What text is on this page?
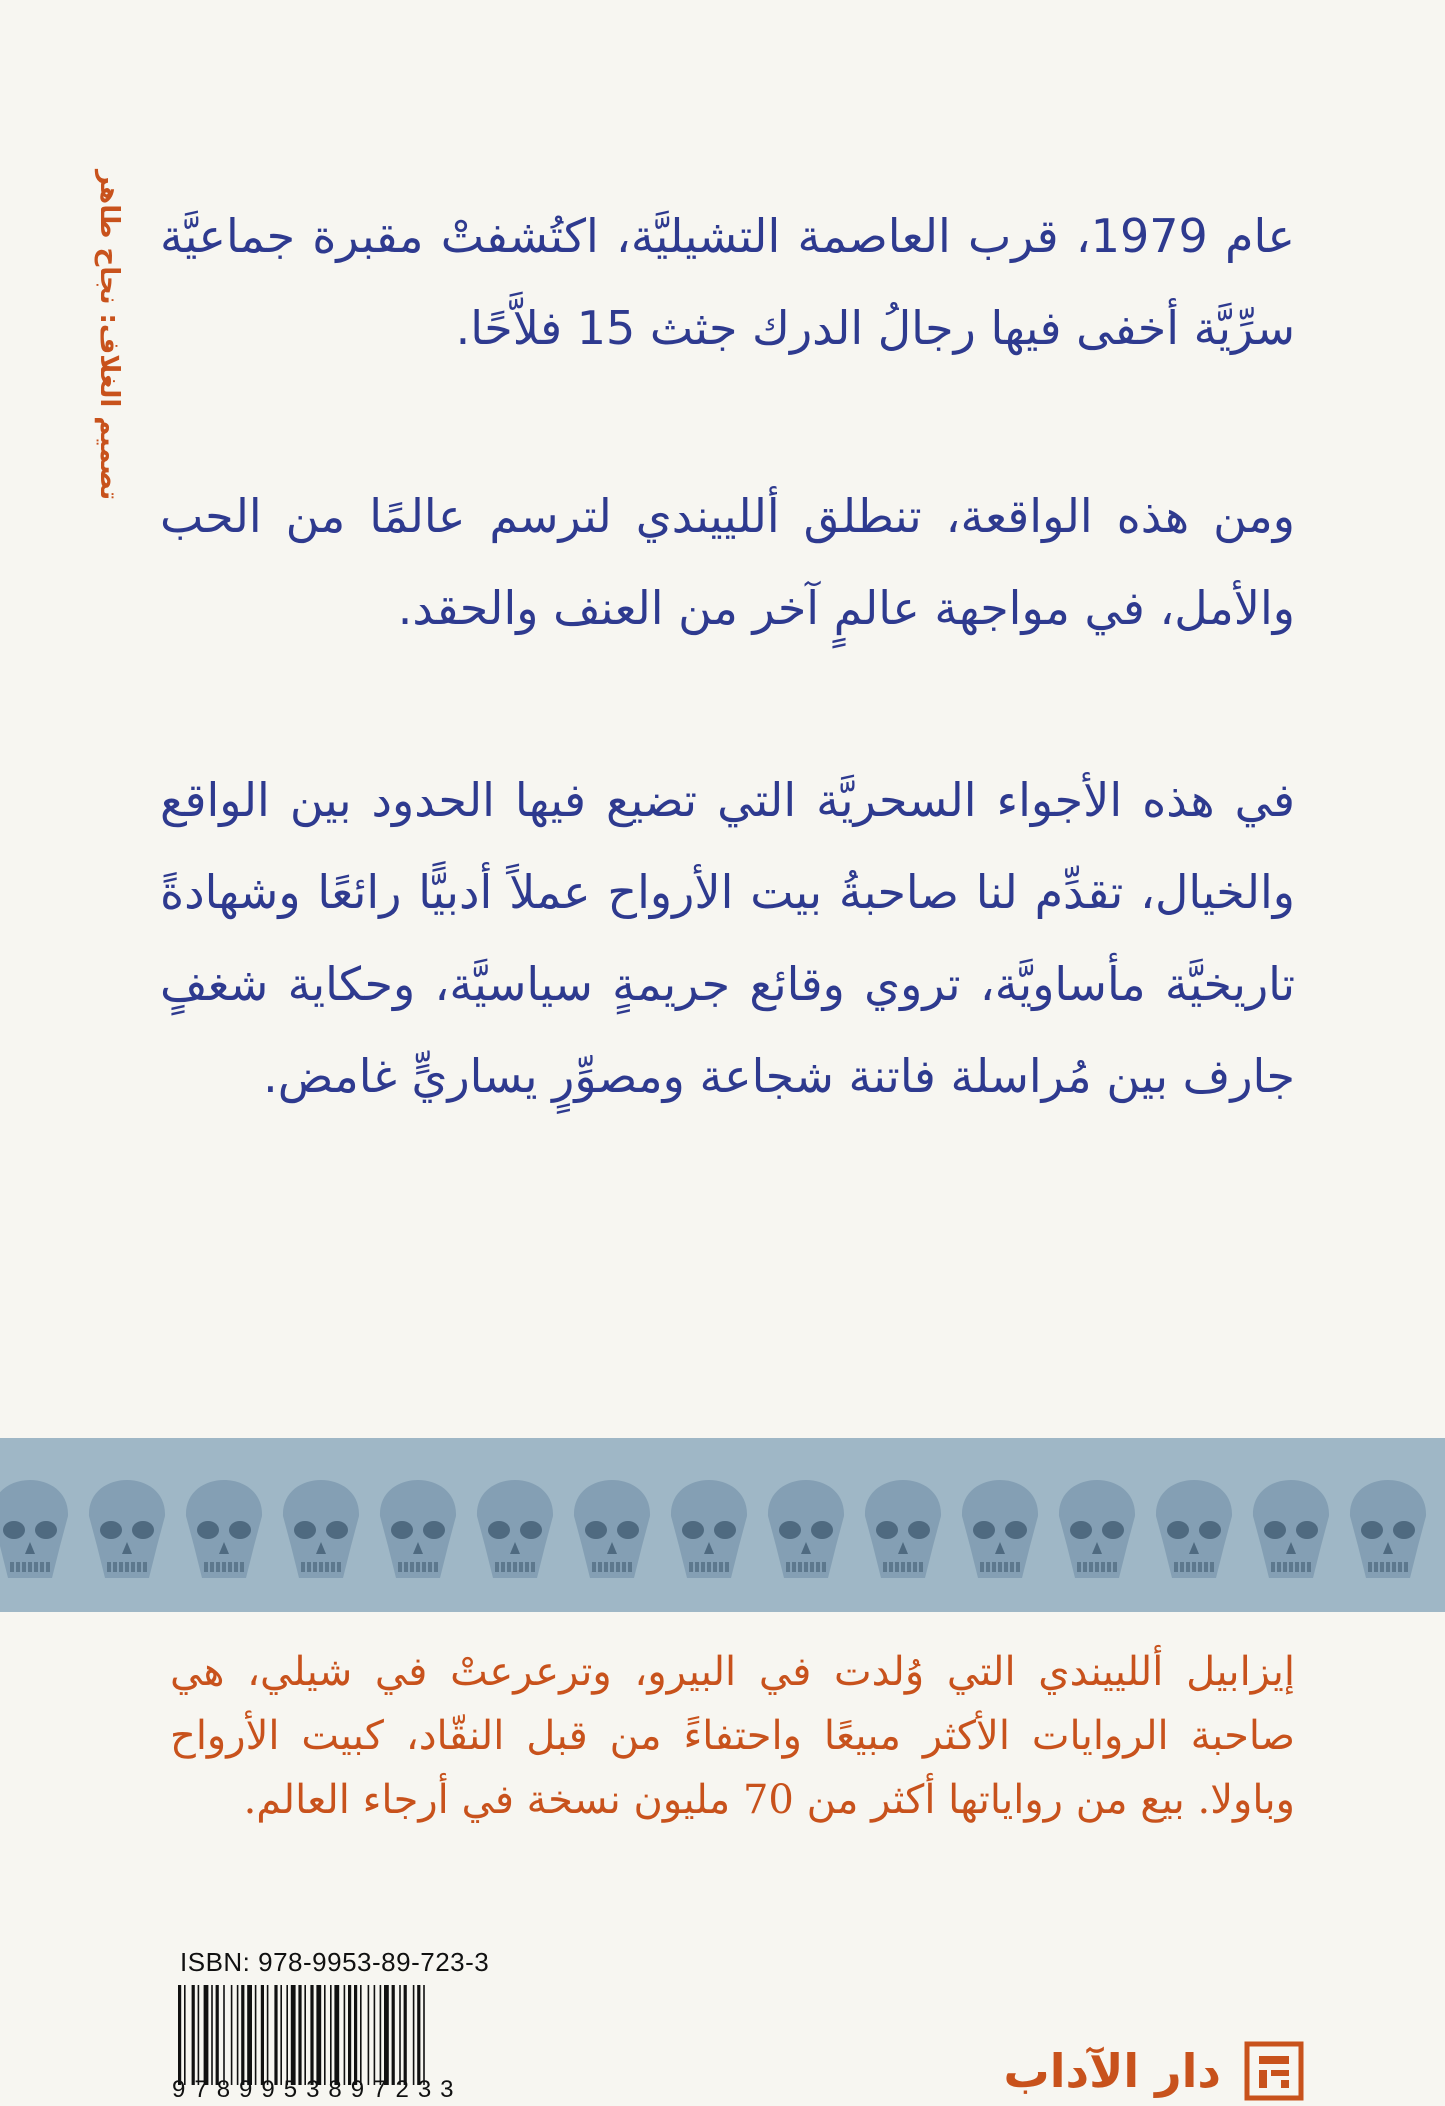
تصميم الغلاف: نجاح طاهر عام 1979، قرب العاصمة التشيليَّة، اكتُشفتْ مقبرة جماعيَّة سرِّيَّة أخفى فيها رجالُ الدرك جثث 15 فلاَّحًا.

ومن هذه الواقعة، تنطلق أللييندي لترسم عالمًا من الحب والأمل، في مواجهة عالمٍ آخر من العنف والحقد.

في هذه الأجواء السحريَّة التي تضيع فيها الحدود بين الواقع والخيال، تقدِّم لنا صاحبةُ بيت الأرواح عملاً أدبيًّا رائعًا وشهادةً تاريخيَّة مأساويَّة، تروي وقائع جريمةٍ سياسيَّة، وحكاية شغفٍ جارف بين مُراسلة فاتنة شجاعة ومصوِّرٍ يساريٍّ غامض.

إيزابيل أللييندي التي وُلدت في البيرو، وترعرعتْ في شيلي، هي صاحبة الروايات الأكثر مبيعًا واحتفاءً من قبل النقّاد، كبيت الأرواح وباولا. بيع من رواياتها أكثر من 70 مليون نسخة في أرجاء العالم.

ISBN: 978-9953-89-723-3
9789953897233	دار الآداب
